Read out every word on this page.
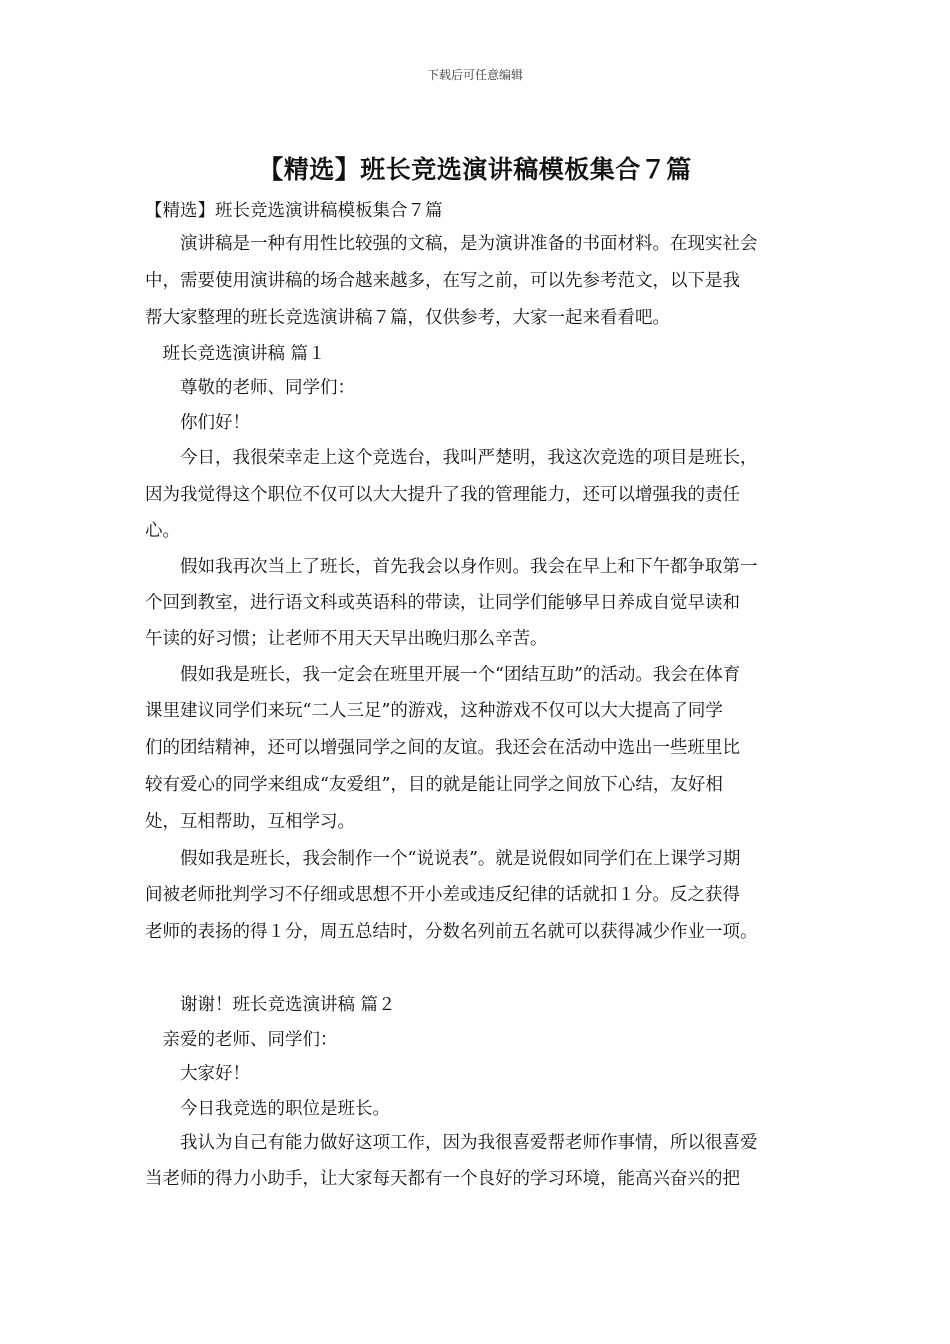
下载后可任意编辑
【精选】班长竞选演讲稿模板集合７篇
【精选】班长竞选演讲稿模板集合７篇
　　演讲稿是一种有用性比较强的文稿，是为演讲准备的书面材料。在现实社会
中，需要使用演讲稿的场合越来越多，在写之前，可以先参考范文，以下是我
帮大家整理的班长竞选演讲稿７篇，仅供参考，大家一起来看看吧。
　班长竞选演讲稿 篇１
　　尊敬的老师、同学们：
　　你们好！
　　今日，我很荣幸走上这个竞选台，我叫严楚明，我这次竞选的项目是班长，
因为我觉得这个职位不仅可以大大提升了我的管理能力，还可以增强我的责任
心。
　　假如我再次当上了班长，首先我会以身作则。我会在早上和下午都争取第一
个回到教室，进行语文科或英语科的带读，让同学们能够早日养成自觉早读和
午读的好习惯；让老师不用天天早出晚归那么辛苦。
　　假如我是班长，我一定会在班里开展一个“团结互助”的活动。我会在体育
课里建议同学们来玩“二人三足”的游戏，这种游戏不仅可以大大提高了同学
们的团结精神，还可以增强同学之间的友谊。我还会在活动中选出一些班里比
较有爱心的同学来组成“友爱组”，目的就是能让同学之间放下心结，友好相
处，互相帮助，互相学习。
　　假如我是班长，我会制作一个“说说表”。就是说假如同学们在上课学习期
间被老师批判学习不仔细或思想不开小差或违反纪律的话就扣１分。反之获得
老师的表扬的得１分，周五总结时，分数名列前五名就可以获得减少作业一项。
　　谢谢！班长竞选演讲稿 篇２
　亲爱的老师、同学们：
　　大家好！
　　今日我竞选的职位是班长。
　　我认为自己有能力做好这项工作，因为我很喜爱帮老师作事情，所以很喜爱
当老师的得力小助手，让大家每天都有一个良好的学习环境，能高兴奋兴的把
